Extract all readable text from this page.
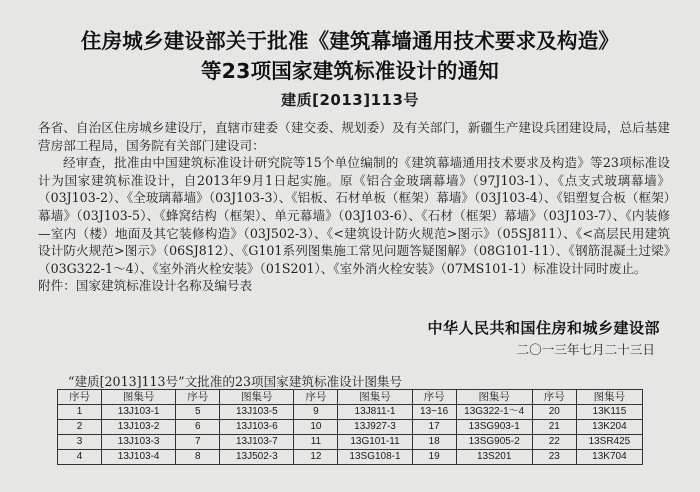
住房城乡建设部关于批准《建筑幕墙通用技术要求及构造》
等23项国家建筑标准设计的通知
建质[2013]113号

各省、自治区住房城乡建设厅，直辖市建委（建交委、规划委）及有关部门，新疆生产建设兵团建设局，总后基建营房部工程局，国务院有关部门建设司：

经审查，批准由中国建筑标准设计研究院等15个单位编制的《建筑幕墙通用技术要求及构造》等23项标准设计为国家建筑标准设计，自2013年9月1日起实施。原《铝合金玻璃幕墙》（97J103-1）、《点支式玻璃幕墙》（03J103-2）、《全玻璃幕墙》（03J103-3）、《铝板、石材单板（框架）幕墙》（03J103-4）、《铝塑复合板（框架）幕墙》（03J103-5）、《蜂窝结构（框架）、单元幕墙》（03J103-6）、《石材（框架）幕墙》（03J103-7）、《内装修—室内（楼）地面及其它装修构造》（03J502-3）、《<建筑设计防火规范>图示》（05SJ811）、《<高层民用建筑设计防火规范>图示》（06SJ812）、《G101系列图集施工常见问题答疑图解》（08G101-11）、《钢筋混凝土过梁》（03G322-1～4）、《室外消火栓安装》（01S201）、《室外消火栓安装》（07MS101-1）标准设计同时废止。

附件：国家建筑标准设计名称及编号表

中华人民共和国住房和城乡建设部
二〇一三年七月二十三日
“建质[2013]113号”文批准的23项国家建筑标准设计图集号
序号	图集号	序号	图集号	序号	图集号	序号	图集号	序号	图集号
1	13J103-1	5	13J103-5	9	13J811-1	13~16	13G322-1～4	20	13K115
2	13J103-2	6	13J103-6	10	13J927-3	17	13SG903-1	21	13K204
3	13J103-3	7	13J103-7	11	13G101-11	18	13SG905-2	22	13SR425
4	13J103-4	8	13J502-3	12	13SG108-1	19	13S201	23	13K704
